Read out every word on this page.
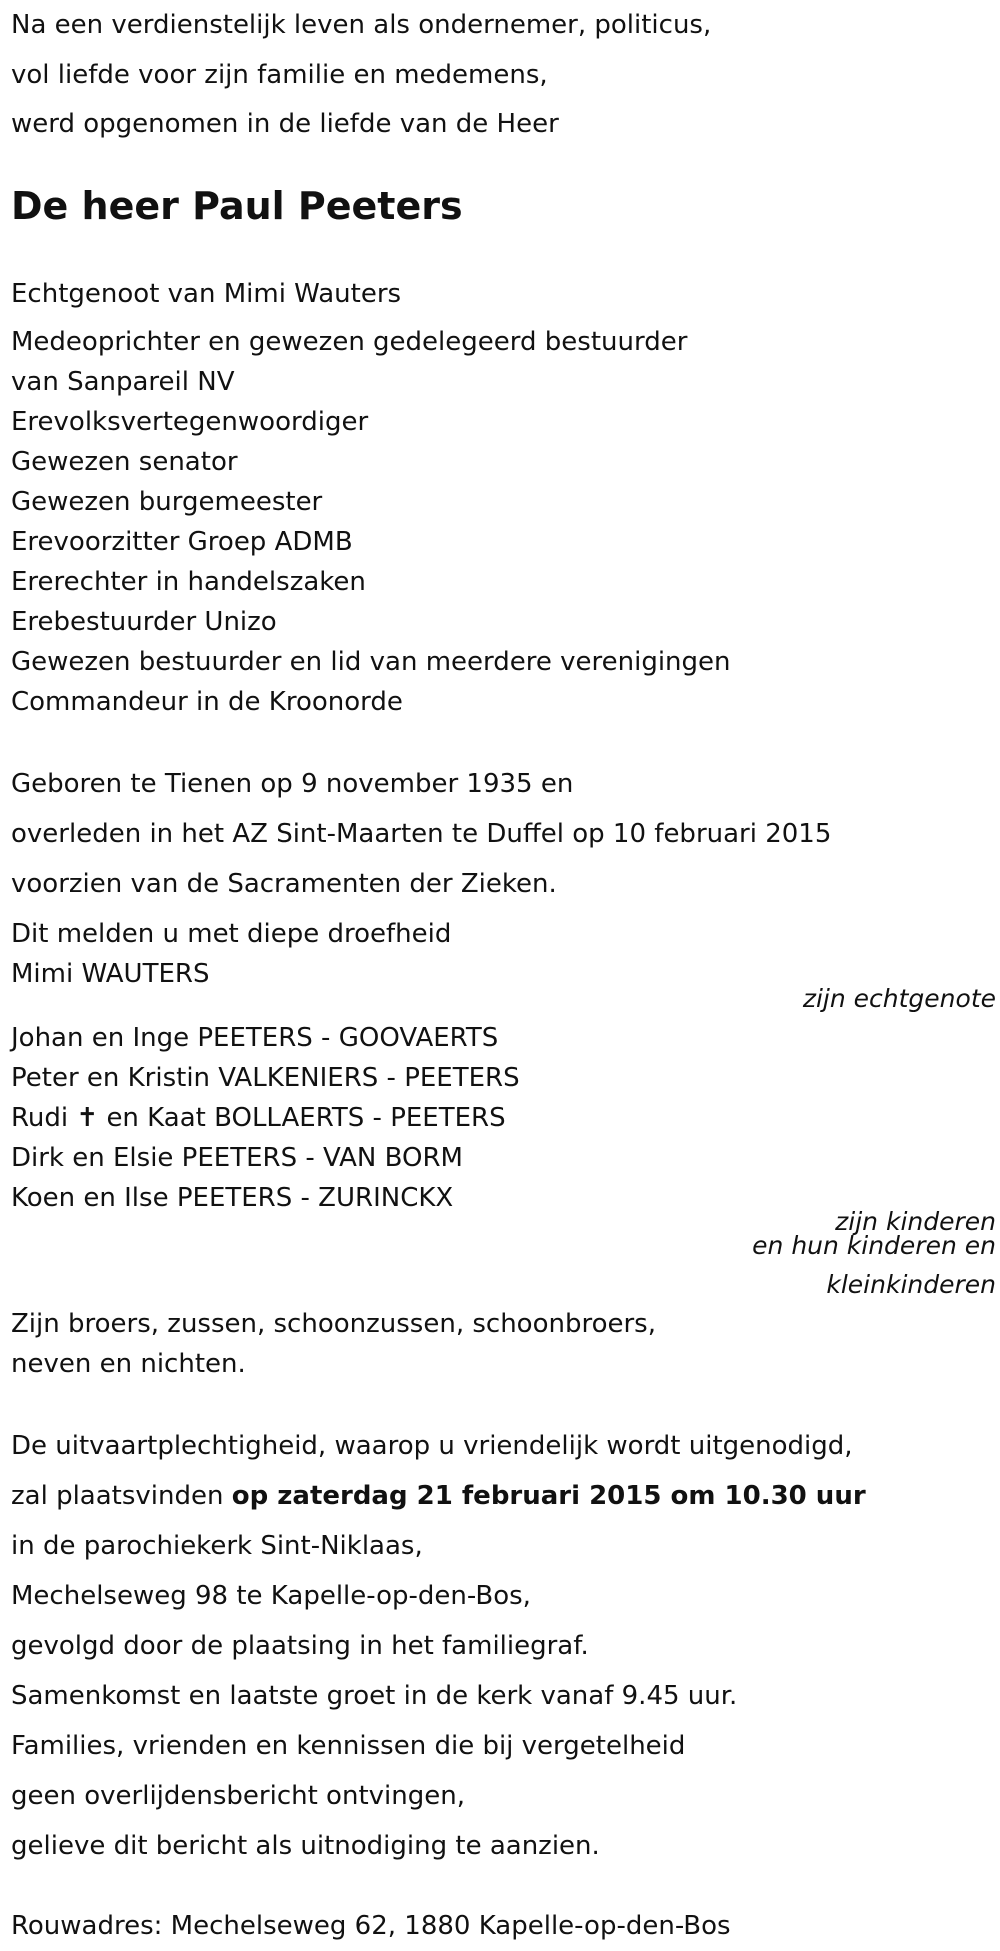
Na een verdienstelijk leven als ondernemer, politicus,

vol liefde voor zijn familie en medemens,

werd opgenomen in de liefde van de Heer

De heer Paul Peeters

Echtgenoot van Mimi Wauters

Medeoprichter en gewezen gedelegeerd bestuurder

van Sanpareil NV

Erevolksvertegenwoordiger

Gewezen senator

Gewezen burgemeester

Erevoorzitter Groep ADMB

Ererechter in handelszaken

Erebestuurder Unizo

Gewezen bestuurder en lid van meerdere verenigingen

Commandeur in de Kroonorde

Geboren te Tienen op 9 november 1935 en

overleden in het AZ Sint-Maarten te Duffel op 10 februari 2015

voorzien van de Sacramenten der Zieken.

Dit melden u met diepe droefheid

Mimi WAUTERS

zijn echtgenote

Johan en Inge PEETERS - GOOVAERTS

Peter en Kristin VALKENIERS - PEETERS

Rudi ✝ en Kaat BOLLAERTS - PEETERS

Dirk en Elsie PEETERS - VAN BORM

Koen en Ilse PEETERS - ZURINCKX

zijn kinderen

en hun kinderen en

kleinkinderen

Zijn broers, zussen, schoonzussen, schoonbroers,

neven en nichten.

De uitvaartplechtigheid, waarop u vriendelijk wordt uitgenodigd,

zal plaatsvinden op zaterdag 21 februari 2015 om 10.30 uur

in de parochiekerk Sint-Niklaas,

Mechelseweg 98 te Kapelle-op-den-Bos,

gevolgd door de plaatsing in het familiegraf.

Samenkomst en laatste groet in de kerk vanaf 9.45 uur.

Families, vrienden en kennissen die bij vergetelheid

geen overlijdensbericht ontvingen,

gelieve dit bericht als uitnodiging te aanzien.

Rouwadres: Mechelseweg 62, 1880 Kapelle-op-den-Bos
